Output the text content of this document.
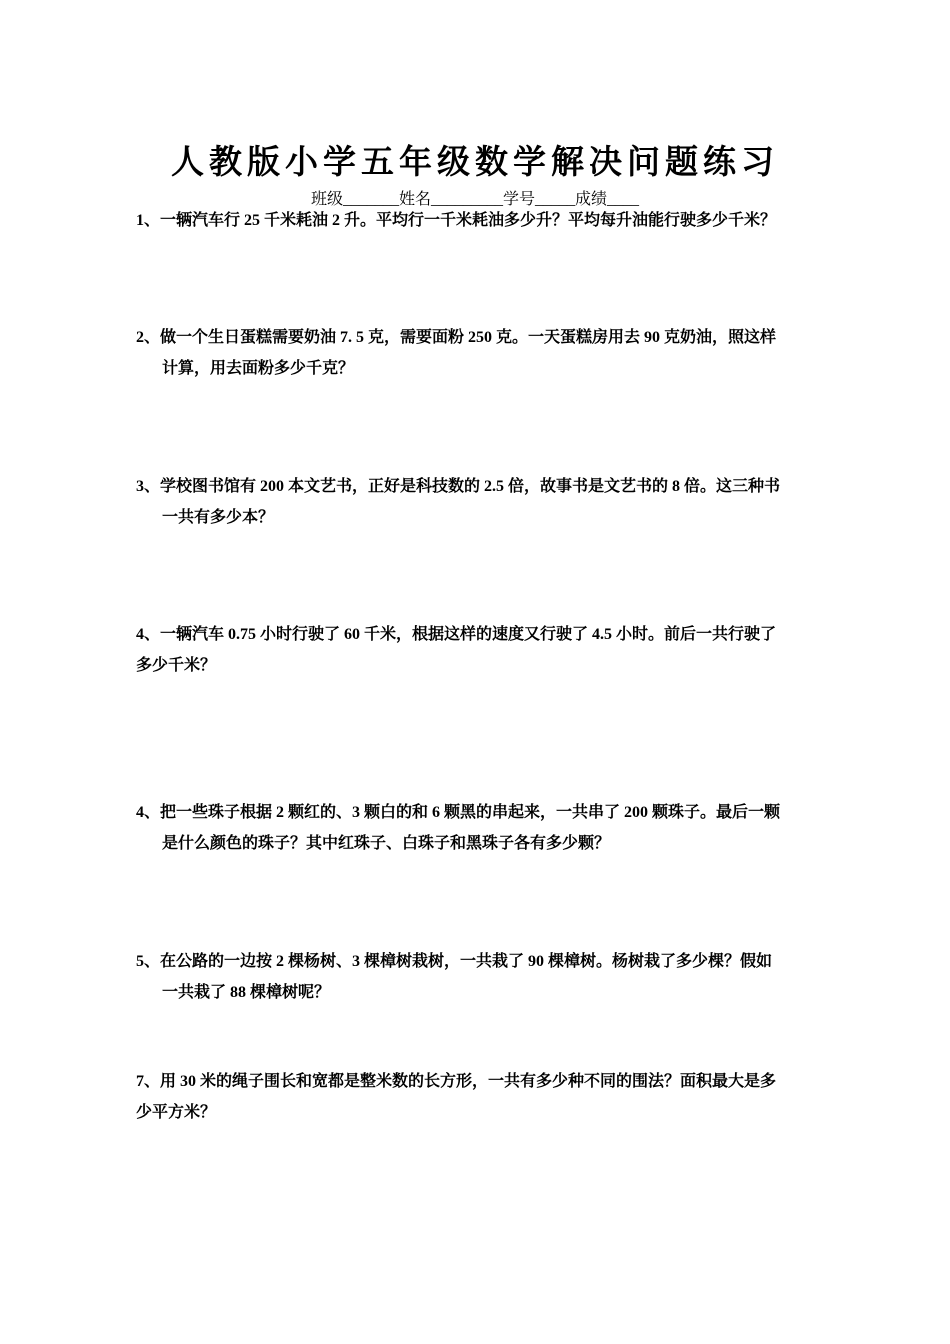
人教版小学五年级数学解决问题练习
班级_______姓名_________学号_____成绩____
1、一辆汽车行 25 千米耗油 2 升。平均行一千米耗油多少升？平均每升油能行驶多少千米？
2、做一个生日蛋糕需要奶油 7. 5 克，需要面粉 250 克。一天蛋糕房用去 90 克奶油，照这样
计算，用去面粉多少千克？
3、学校图书馆有 200 本文艺书，正好是科技数的 2.5 倍，故事书是文艺书的 8 倍。这三种书
一共有多少本？
4、一辆汽车 0.75 小时行驶了 60 千米，根据这样的速度又行驶了 4.5 小时。前后一共行驶了
多少千米？
4、把一些珠子根据 2 颗红的、3 颗白的和 6 颗黑的串起来，一共串了 200 颗珠子。最后一颗
是什么颜色的珠子？其中红珠子、白珠子和黑珠子各有多少颗？
5、在公路的一边按 2 棵杨树、3 棵樟树栽树，一共栽了 90 棵樟树。杨树栽了多少棵？假如
一共栽了 88 棵樟树呢？
7、用 30 米的绳子围长和宽都是整米数的长方形，一共有多少种不同的围法？面积最大是多
少平方米？
